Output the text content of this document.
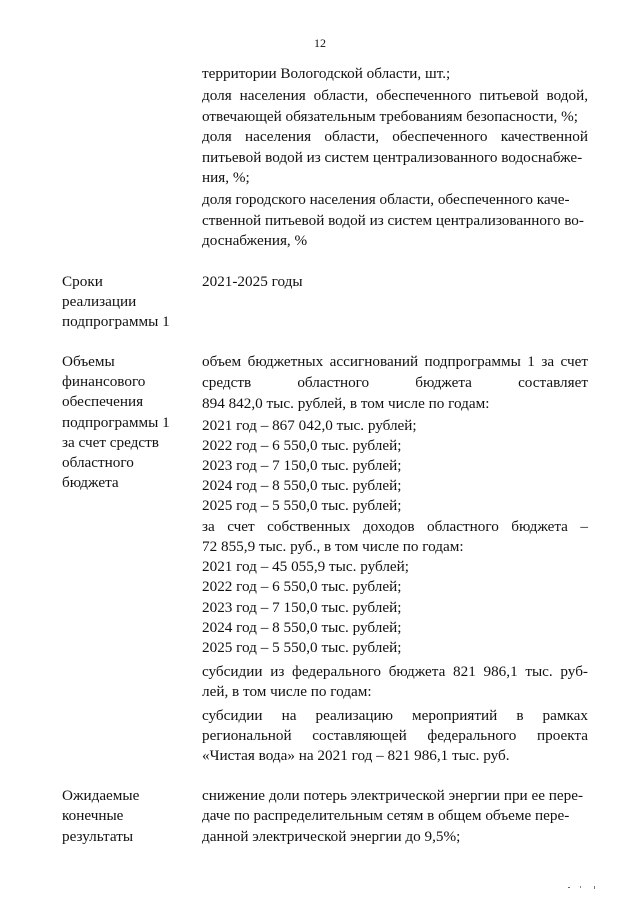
12
территории Вологодской области, шт.;
доля населения области, обеспеченного питьевой водой,
отвечающей обязательным требованиям безопасности, %;
доля населения области, обеспеченного качественной
питьевой водой из систем централизованного водоснабже-
ния, %;
доля городского населения области, обеспеченного каче-
ственной питьевой водой из систем централизованного во-
доснабжения, %
Сроки
реализации
подпрограммы 1
2021-2025 годы
Объемы
финансового
обеспечения
подпрограммы 1
за счет средств
областного
бюджета
объем бюджетных ассигнований подпрограммы 1 за счет
средств областного бюджета составляет
894 842,0 тыс. рублей, в том числе по годам:
2021 год – 867 042,0 тыс. рублей;
2022 год – 6 550,0 тыс. рублей;
2023 год – 7 150,0 тыс. рублей;
2024 год – 8 550,0 тыс. рублей;
2025 год – 5 550,0 тыс. рублей;
за счет собственных доходов областного бюджета –
72 855,9 тыс. руб., в том числе по годам:
2021 год – 45 055,9 тыс. рублей;
2022 год – 6 550,0 тыс. рублей;
2023 год – 7 150,0 тыс. рублей;
2024 год – 8 550,0 тыс. рублей;
2025 год – 5 550,0 тыс. рублей;
субсидии из федерального бюджета 821 986,1 тыс. руб-
лей, в том числе по годам:
субсидии на реализацию мероприятий в рамках
региональной составляющей федерального проекта
«Чистая вода» на 2021 год – 821 986,1 тыс. руб.
Ожидаемые
конечные
результаты
снижение доли потерь электрической энергии при ее пере-
даче по распределительным сетям в общем объеме пере-
данной электрической энергии до 9,5%;
